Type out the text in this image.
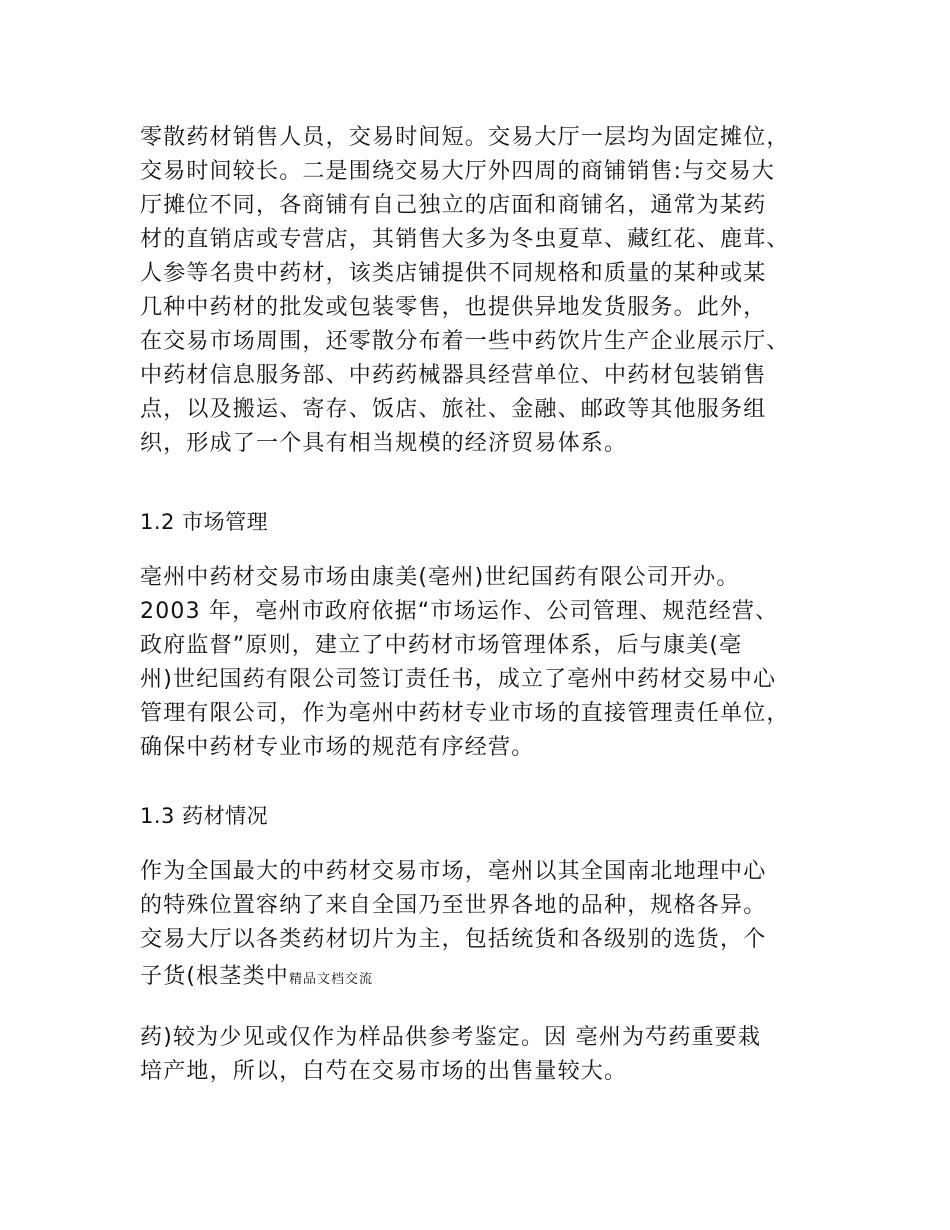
零散药材销售人员，交易时间短。交易大厅一层均为固定摊位，
交易时间较长。二是围绕交易大厅外四周的商铺销售:与交易大
厅摊位不同，各商铺有自己独立的店面和商铺名，通常为某药
材的直销店或专营店，其销售大多为冬虫夏草、藏红花、鹿茸、
人参等名贵中药材，该类店铺提供不同规格和质量的某种或某
几种中药材的批发或包装零售，也提供异地发货服务。此外，
在交易市场周围，还零散分布着一些中药饮片生产企业展示厅、
中药材信息服务部、中药药械器具经营单位、中药材包装销售
点，以及搬运、寄存、饭店、旅社、金融、邮政等其他服务组
织，形成了一个具有相当规模的经济贸易体系。
1.2 市场管理
亳州中药材交易市场由康美(亳州)世纪国药有限公司开办。
2003 年，亳州市政府依据“市场运作、公司管理、规范经营、
政府监督”原则，建立了中药材市场管理体系，后与康美(亳
州)世纪国药有限公司签订责任书，成立了亳州中药材交易中心
管理有限公司，作为亳州中药材专业市场的直接管理责任单位，
确保中药材专业市场的规范有序经营。
1.3 药材情况
作为全国最大的中药材交易市场，亳州以其全国南北地理中心
的特殊位置容纳了来自全国乃至世界各地的品种，规格各异。
交易大厅以各类药材切片为主，包括统货和各级别的选货，个
子货(根茎类中精品文档交流
药)较为少见或仅作为样品供参考鉴定。因 亳州为芍药重要栽
培产地，所以，白芍在交易市场的出售量较大。
